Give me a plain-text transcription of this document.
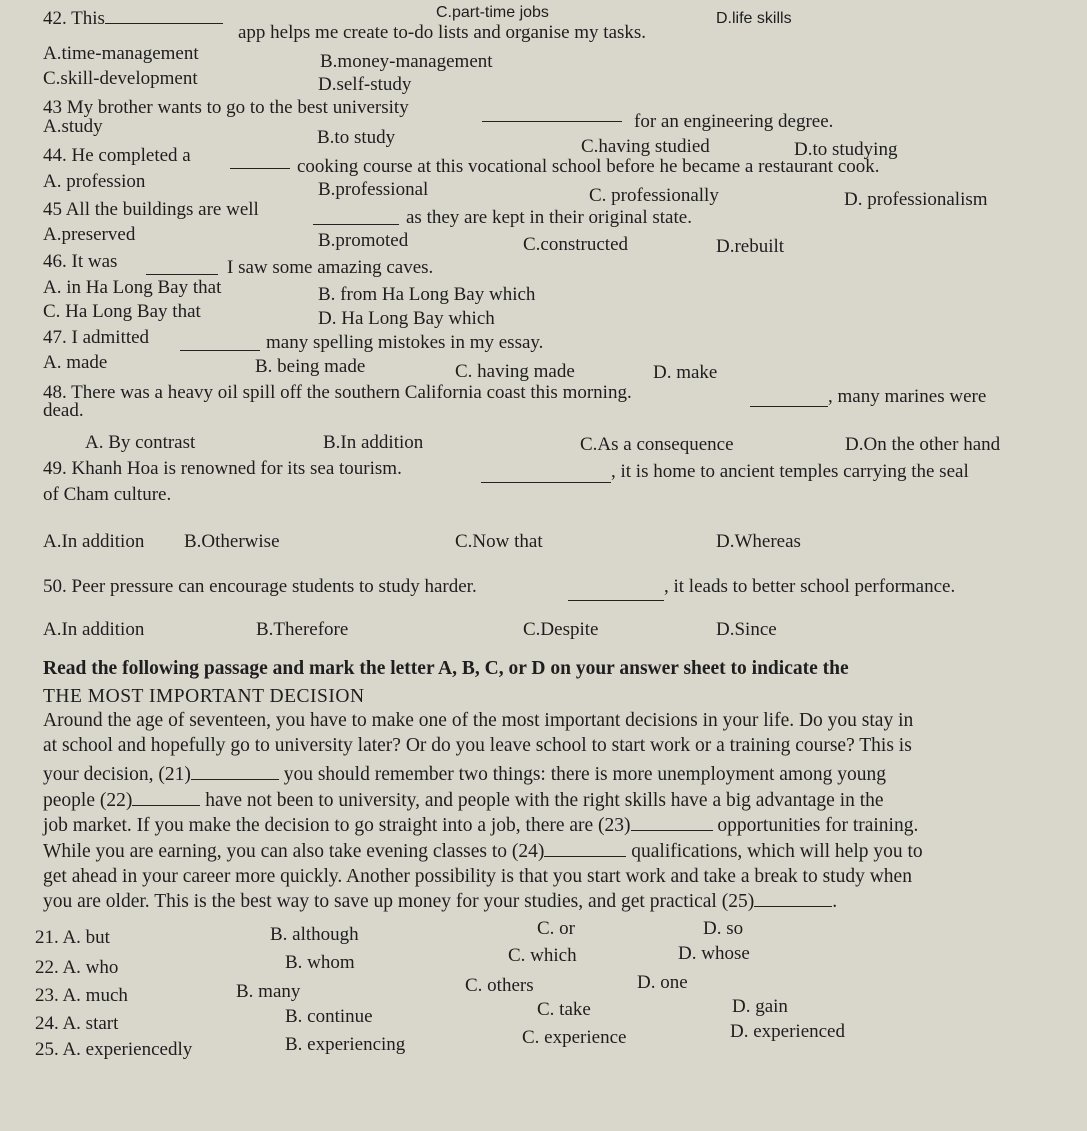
C.part-time jobs	D.life skills
42. This
app helps me create to-do lists and organise my tasks.
A.time-management	B.money-management
C.skill-development	D.self-study
43 My brother wants to go to the best university
for an engineering degree.
A.study
B.to study	C.having studied	D.to studying
44. He completed a
cooking course at this vocational school before he became a restaurant cook.
A. profession	B.professional	C. professionally	D. professionalism
45 All the buildings are well	as they are kept in their original state.
A.preserved	B.promoted	C.constructed	D.rebuilt
46. It was	I saw some amazing caves.
A. in Ha Long Bay that	B. from Ha Long Bay which
C. Ha Long Bay that	D. Ha Long Bay which
47. I admitted	many spelling mistokes in my essay.
A. made	B. being made	C. having made	D. make
48. There was a heavy oil spill off the southern California coast this morning.	, many marines were
dead.
A. By contrast	B.In addition	C.As a consequence	D.On the other hand
49. Khanh Hoa is renowned for its sea tourism.	, it is home to ancient temples carrying the seal
of Cham culture.
A.In addition B.Otherwise	C.Now that	D.Whereas
50. Peer pressure can encourage students to study harder.	, it leads to better school performance.
A.In addition	B.Therefore	C.Despite	D.Since
Read the following passage and mark the letter A, B, C, or D on your answer sheet to indicate the
THE MOST IMPORTANT DECISION
Around the age of seventeen, you have to make one of the most important decisions in your life. Do you stay in
at school and hopefully go to university later? Or do you leave school to start work or a training course? This is
your decision, (21)	you should remember two things: there is more unemployment among young
people (22)	have not been to university, and people with the right skills have a big advantage in the
job market. If you make the decision to go straight into a job, there are (23)	opportunities for training.
While you are earning, you can also take evening classes to (24)	qualifications, which will help you to
get ahead in your career more quickly. Another possibility is that you start work and take a break to study when
you are older. This is the best way to save up money for your studies, and get practical (25)	.
21. A. but	B. although	C. or	D. so
22. A. who	B. whom	C. which	D. whose
23. A. much	B. many	C. others	D. one
24. A. start	B. continue	C. take	D. gain
25. A. experiencedly	B. experiencing	C. experience	D. experienced
